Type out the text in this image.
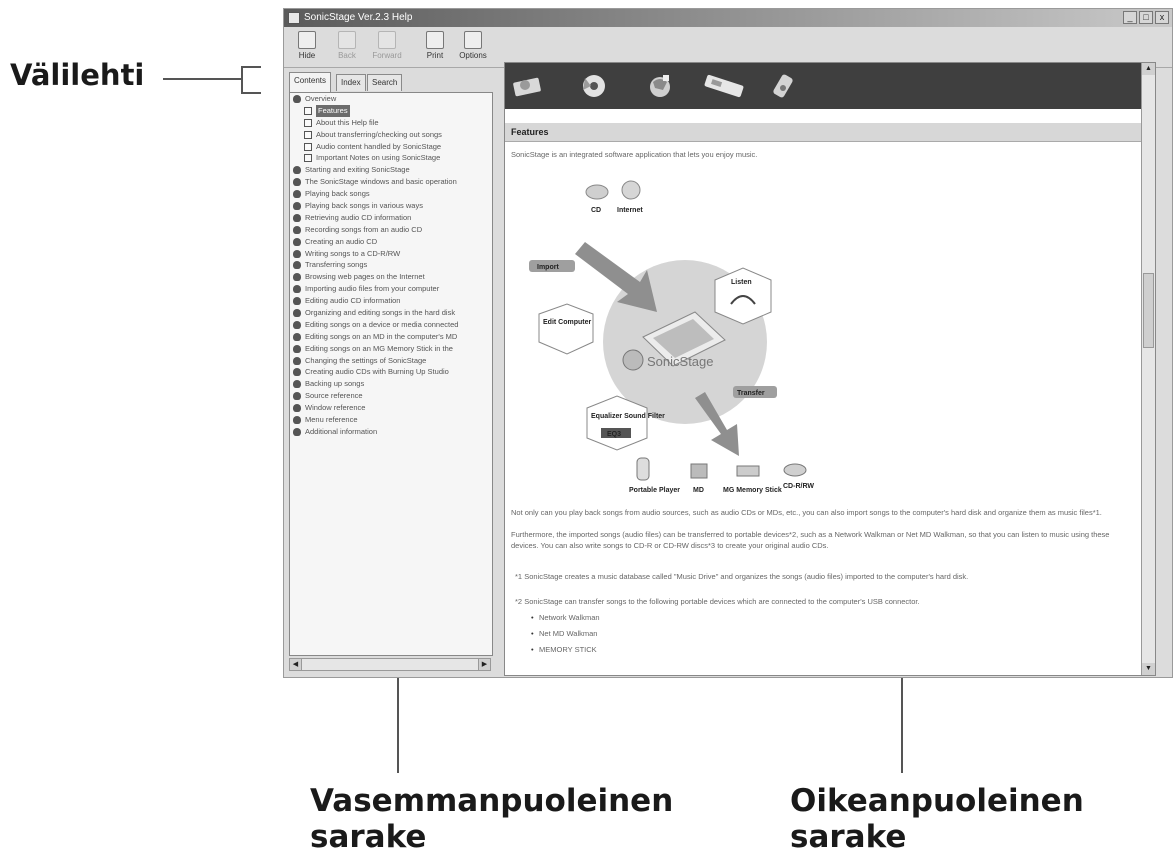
Välilehti
Vasemmanpuoleinen sarake
Oikeanpuoleinen sarake
SonicStage Ver.2.3 Help	_	□	x
Hide	Back	Forward	Print	Options
Contents	Index	Search
Overview
Features
About this Help file
About transferring/checking out songs
Audio content handled by SonicStage
Important Notes on using SonicStage
Starting and exiting SonicStage
The SonicStage windows and basic operation
Playing back songs
Playing back songs in various ways
Retrieving audio CD information
Recording songs from an audio CD
Creating an audio CD
Writing songs to a CD-R/RW
Transferring songs
Browsing web pages on the Internet
Importing audio files from your computer
Editing audio CD information
Organizing and editing songs in the hard disk
Editing songs on a device or media connected
Editing songs on an MD in the computer's MD
Editing songs on an MG Memory Stick in the
Changing the settings of SonicStage
Creating audio CDs with Burning Up Studio
Backing up songs
Source reference
Window reference
Menu reference
Additional information
◀	▶
Features
SonicStage is an integrated software application that lets you enjoy music.
CD Internet
Import
SonicStage
Edit Computer
Listen
Equalizer Sound Filter
EQ3
Transfer
Portable Player MD	MG Memory Stick
CD-R/RW
Not only can you play back songs from audio sources, such as audio CDs or MDs, etc., you can also import songs to the computer's hard disk and organize them as music files*1.
Furthermore, the imported songs (audio files) can be transferred to portable devices*2, such as a Network Walkman or Net MD Walkman, so that you can listen to music using these devices. You can also write songs to CD-R or CD-RW discs*3 to create your original audio CDs.
*1 SonicStage creates a music database called "Music Drive" and organizes the songs (audio files) imported to the computer's hard disk.
*2 SonicStage can transfer songs to the following portable devices which are connected to the computer's USB connector.
• Network Walkman
• Net MD Walkman
• MEMORY STICK
▲
▼
